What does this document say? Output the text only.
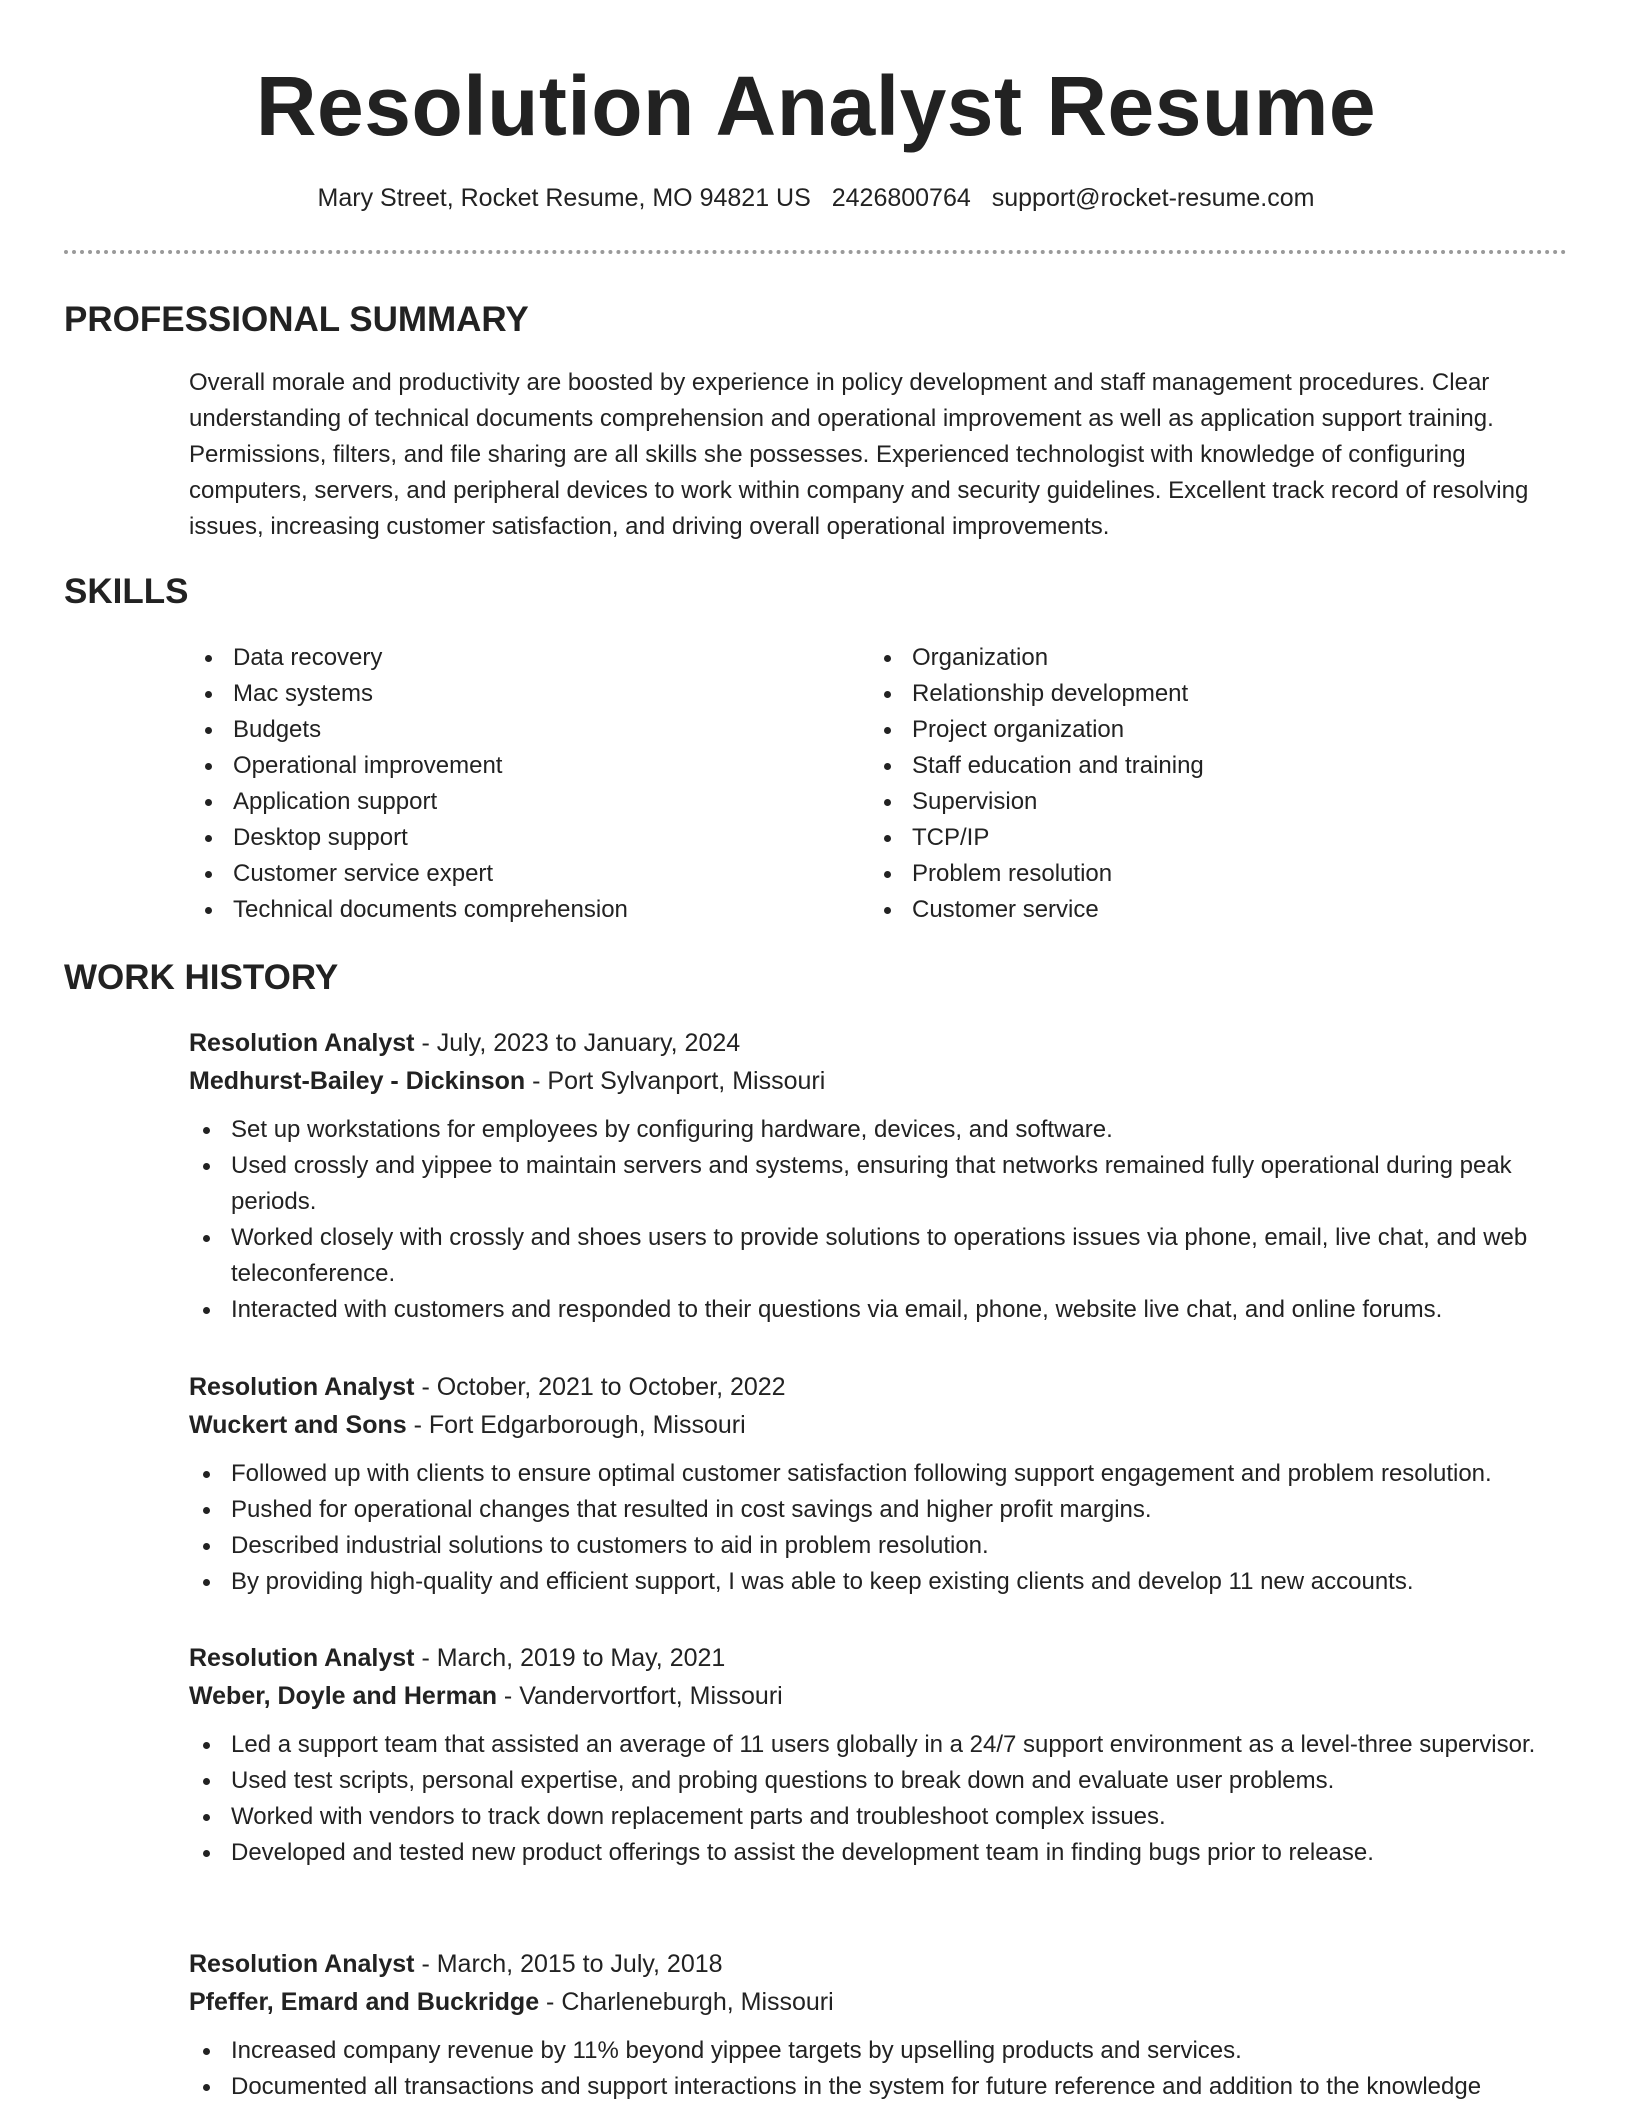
Resolution Analyst Resume
Mary Street, Rocket Resume, MO 94821 US 2426800764 support@rocket-resume.com
PROFESSIONAL SUMMARY

Overall morale and productivity are boosted by experience in policy development and staff management procedures. Clear understanding of technical documents comprehension and operational improvement as well as application support training. Permissions, filters, and file sharing are all skills she possesses. Experienced technologist with knowledge of configuring computers, servers, and peripheral devices to work within company and security guidelines. Excellent track record of resolving issues, increasing customer satisfaction, and driving overall operational improvements.

SKILLS
Data recovery
Mac systems
Budgets
Operational improvement
Application support
Desktop support
Customer service expert
Technical documents comprehension
Organization
Relationship development
Project organization
Staff education and training
Supervision
TCP/IP
Problem resolution
Customer service
WORK HISTORY

Resolution Analyst - July, 2023 to January, 2024

Medhurst-Bailey - Dickinson - Port Sylvanport, Missouri

Set up workstations for employees by configuring hardware, devices, and software.
Used crossly and yippee to maintain servers and systems, ensuring that networks remained fully operational during peak periods.
Worked closely with crossly and shoes users to provide solutions to operations issues via phone, email, live chat, and web teleconference.
Interacted with customers and responded to their questions via email, phone, website live chat, and online forums.

Resolution Analyst - October, 2021 to October, 2022

Wuckert and Sons - Fort Edgarborough, Missouri

Followed up with clients to ensure optimal customer satisfaction following support engagement and problem resolution.
Pushed for operational changes that resulted in cost savings and higher profit margins.
Described industrial solutions to customers to aid in problem resolution.
By providing high-quality and efficient support, I was able to keep existing clients and develop 11 new accounts.

Resolution Analyst - March, 2019 to May, 2021

Weber, Doyle and Herman - Vandervortfort, Missouri

Led a support team that assisted an average of 11 users globally in a 24/7 support environment as a level-three supervisor.
Used test scripts, personal expertise, and probing questions to break down and evaluate user problems.
Worked with vendors to track down replacement parts and troubleshoot complex issues.
Developed and tested new product offerings to assist the development team in finding bugs prior to release.

Resolution Analyst - March, 2015 to July, 2018

Pfeffer, Emard and Buckridge - Charleneburgh, Missouri

Increased company revenue by 11% beyond yippee targets by upselling products and services.
Documented all transactions and support interactions in the system for future reference and addition to the knowledge
